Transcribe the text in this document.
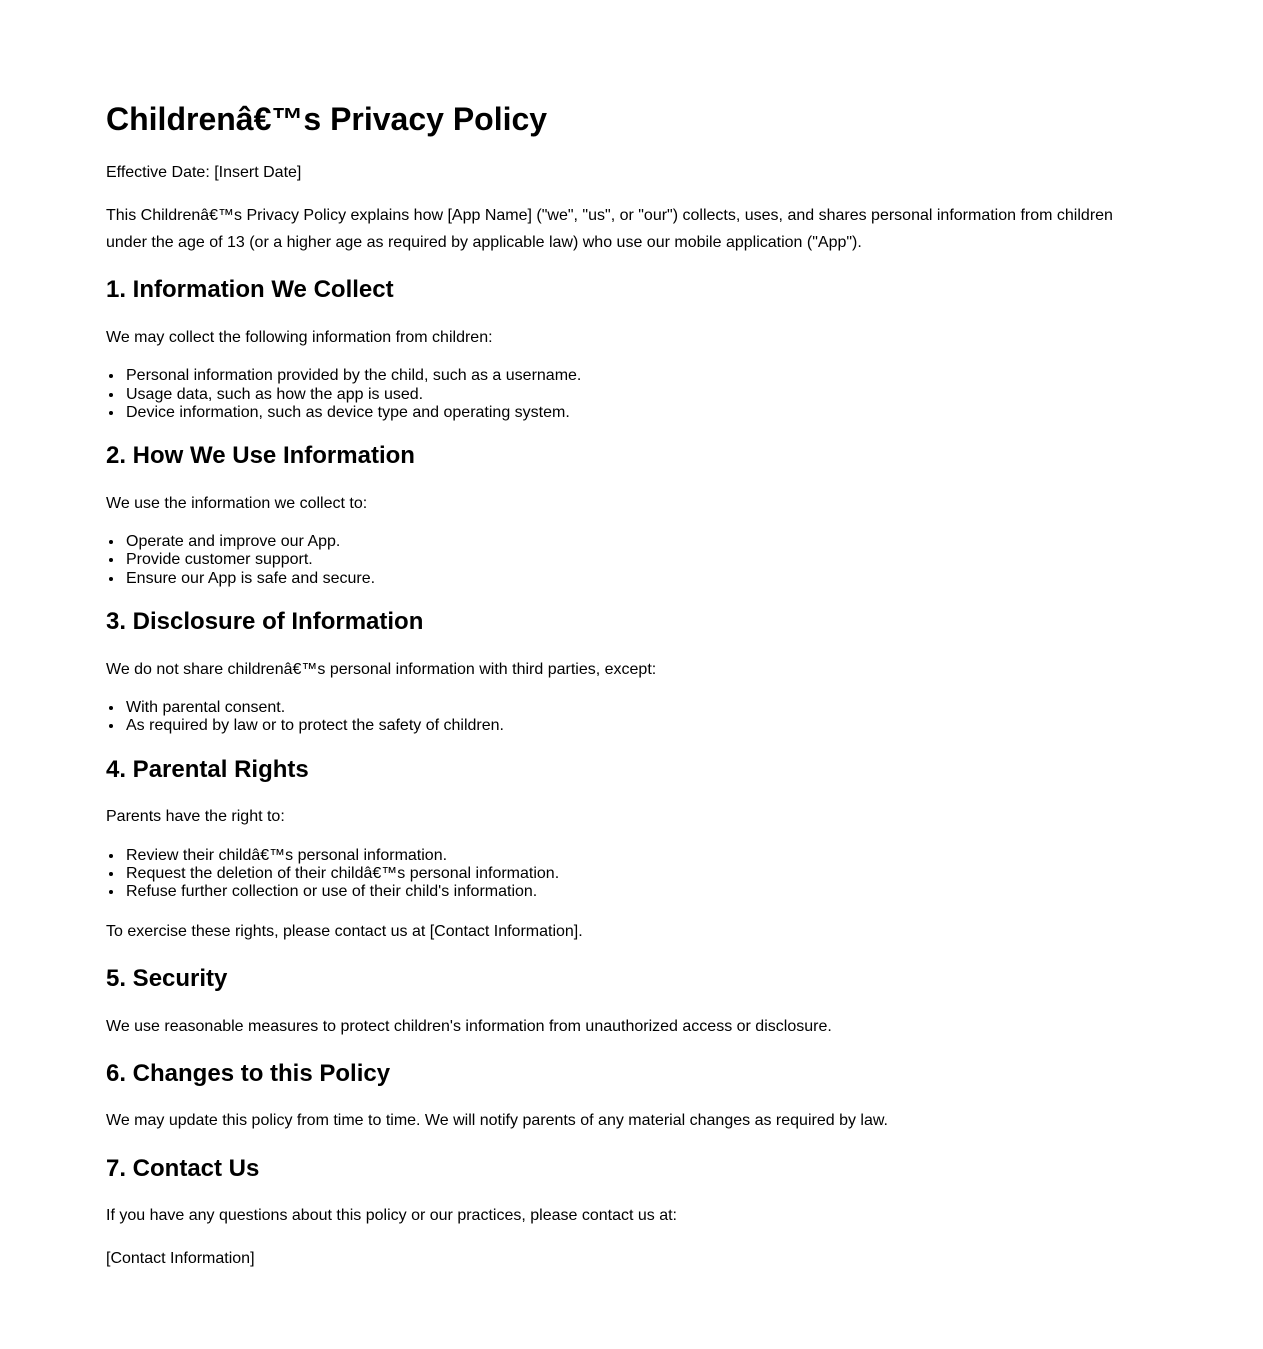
Childrenâ€™s Privacy Policy

Effective Date: [Insert Date]

This Childrenâ€™s Privacy Policy explains how [App Name] ("we", "us", or "our") collects, uses, and shares personal information from children under the age of 13 (or a higher age as required by applicable law) who use our mobile application ("App").

1. Information We Collect

We may collect the following information from children:

• Personal information provided by the child, such as a username.
• Usage data, such as how the app is used.
• Device information, such as device type and operating system.
2. How We Use Information

We use the information we collect to:

• Operate and improve our App.
• Provide customer support.
• Ensure our App is safe and secure.
3. Disclosure of Information

We do not share childrenâ€™s personal information with third parties, except:

• With parental consent.
• As required by law or to protect the safety of children.
4. Parental Rights

Parents have the right to:

• Review their childâ€™s personal information.
• Request the deletion of their childâ€™s personal information.
• Refuse further collection or use of their child's information.

To exercise these rights, please contact us at [Contact Information].

5. Security

We use reasonable measures to protect children's information from unauthorized access or disclosure.

6. Changes to this Policy

We may update this policy from time to time. We will notify parents of any material changes as required by law.

7. Contact Us

If you have any questions about this policy or our practices, please contact us at:

[Contact Information]
